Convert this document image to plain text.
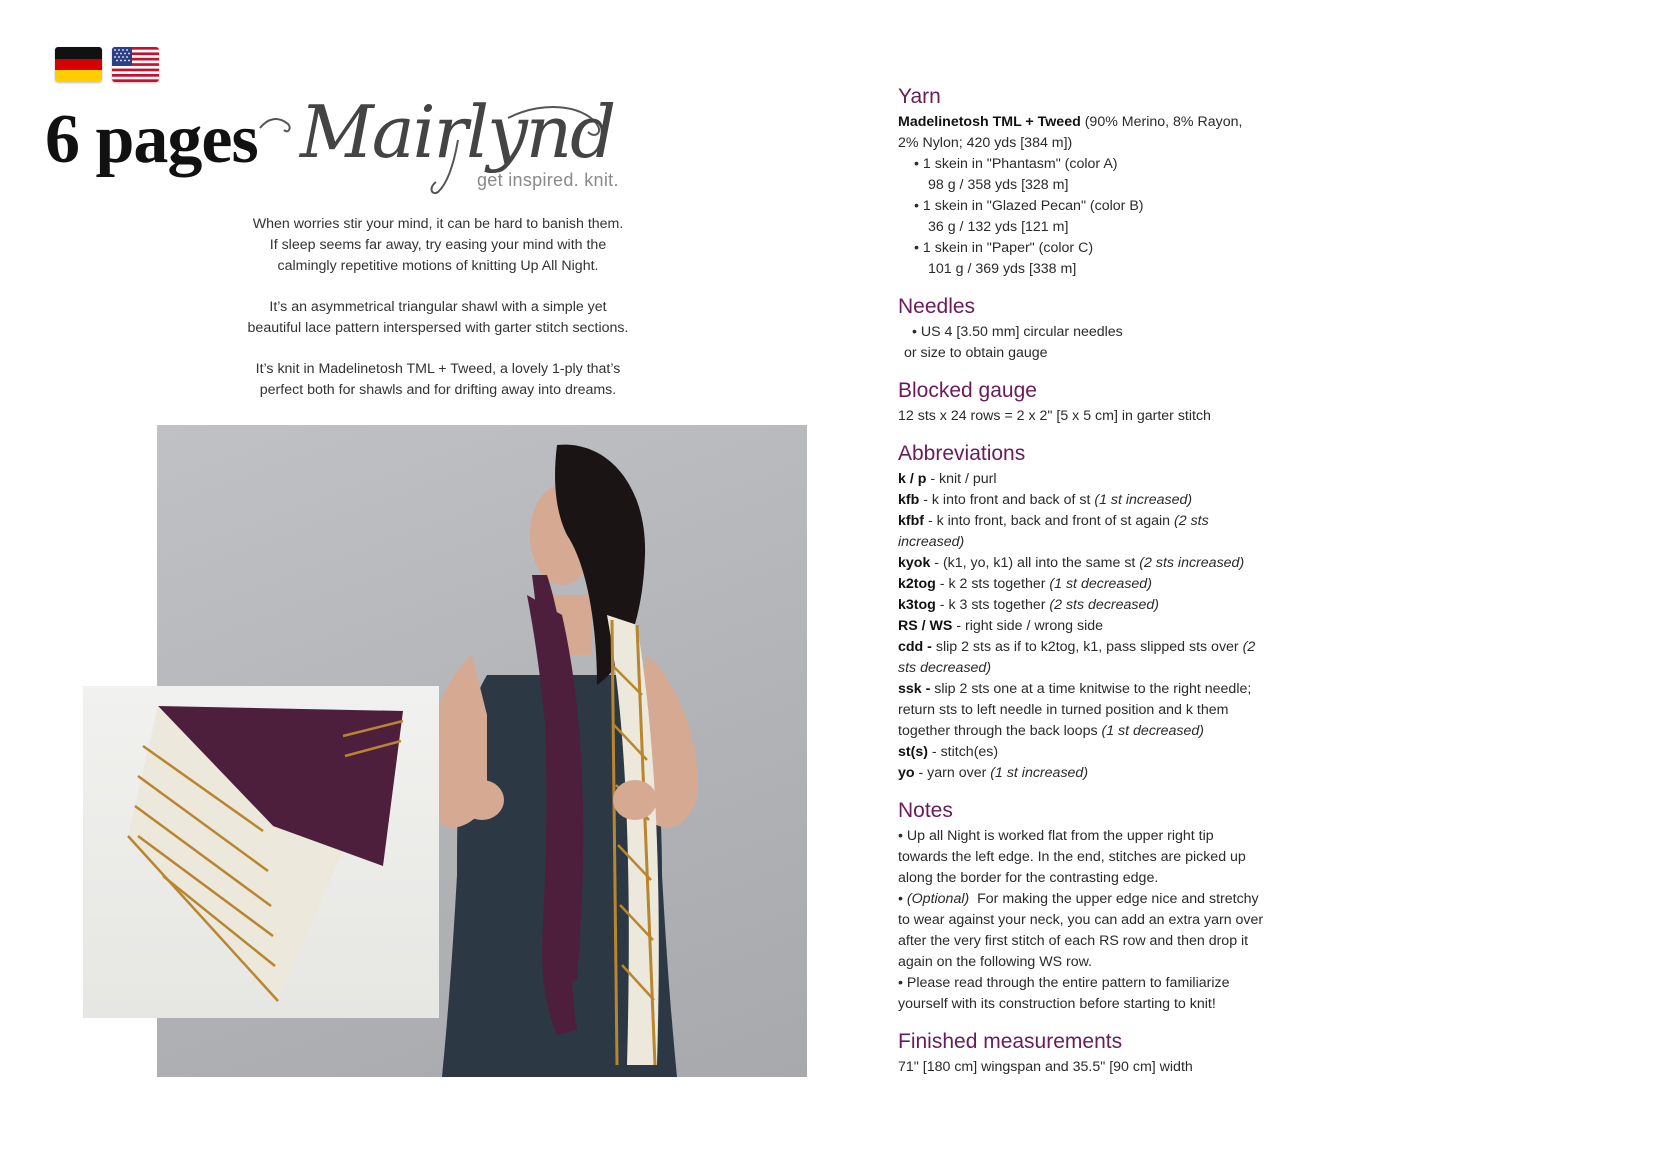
6 pages Mairlynd
get inspired. knit.

When worries stir your mind, it can be hard to banish them.
If sleep seems far away, try easing your mind with the
calmingly repetitive motions of knitting Up All Night.

It’s an asymmetrical triangular shawl with a simple yet
beautiful lace pattern interspersed with garter stitch sections.

It’s knit in Madelinetosh TML + Tweed, a lovely 1-ply that’s
perfect both for shawls and for drifting away into dreams.

Yarn
Madelinetosh TML + Tweed (90% Merino, 8% Rayon,
2% Nylon; 420 yds [384 m])
• 1 skein in "Phantasm" (color A)
98 g / 358 yds [328 m]
• 1 skein in "Glazed Pecan" (color B)
36 g / 132 yds [121 m]
• 1 skein in "Paper" (color C)
101 g / 369 yds [338 m]
Needles
• US 4 [3.50 mm] circular needles
or size to obtain gauge
Blocked gauge
12 sts x 24 rows = 2 x 2" [5 x 5 cm] in garter stitch
Abbreviations
k / p - knit / purl
kfb - k into front and back of st (1 st increased)
kfbf - k into front, back and front of st again (2 sts
increased)
kyok - (k1, yo, k1) all into the same st (2 sts increased)
k2tog - k 2 sts together (1 st decreased)
k3tog - k 3 sts together (2 sts decreased)
RS / WS - right side / wrong side
cdd - slip 2 sts as if to k2tog, k1, pass slipped sts over (2
sts decreased)
ssk - slip 2 sts one at a time knitwise to the right needle;
return sts to left needle in turned position and k them
together through the back loops (1 st decreased)
st(s) - stitch(es)
yo - yarn over (1 st increased)
Notes
• Up all Night is worked flat from the upper right tip
towards the left edge. In the end, stitches are picked up
along the border for the contrasting edge.
• (Optional)  For making the upper edge nice and stretchy
to wear against your neck, you can add an extra yarn over
after the very first stitch of each RS row and then drop it
again on the following WS row.
• Please read through the entire pattern to familiarize
yourself with its construction before starting to knit!
Finished measurements
71" [180 cm] wingspan and 35.5" [90 cm] width
